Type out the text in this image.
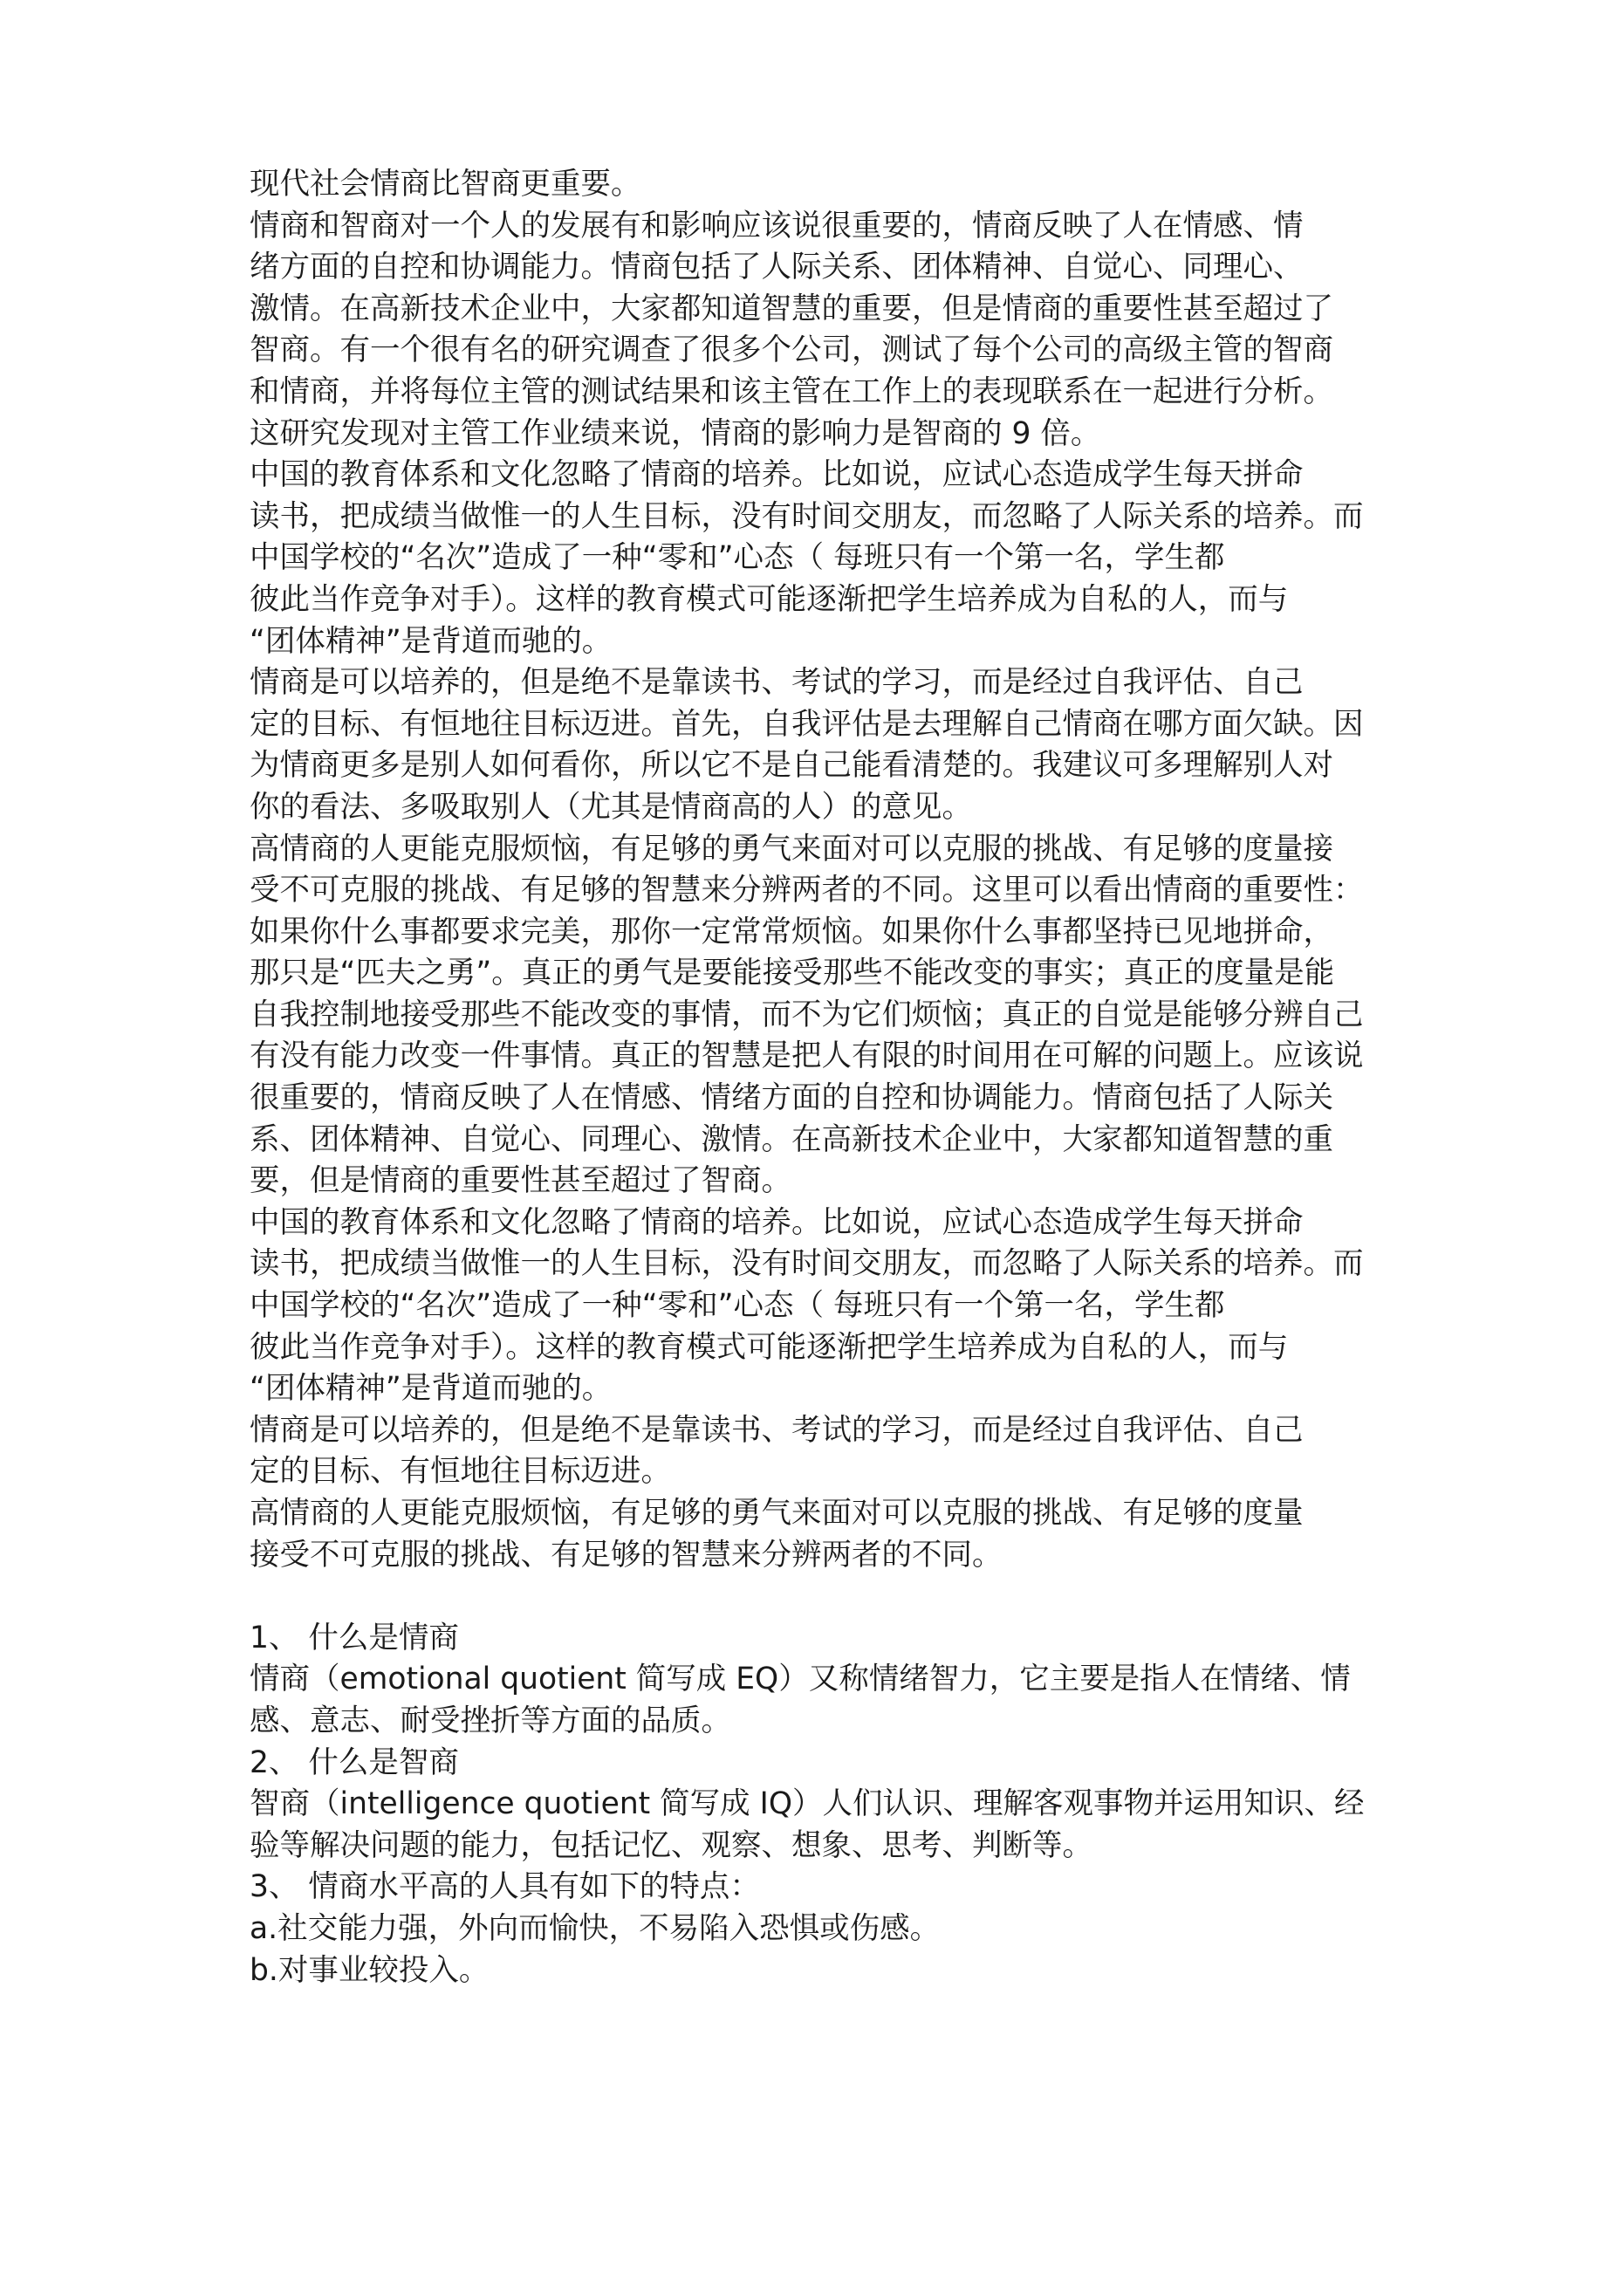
现代社会情商比智商更重要。
情商和智商对一个人的发展有和影响应该说很重要的，情商反映了人在情感、情
绪方面的自控和协调能力。情商包括了人际关系、团体精神、自觉心、同理心、
激情。在高新技术企业中，大家都知道智慧的重要，但是情商的重要性甚至超过了
智商。有一个很有名的研究调查了很多个公司，测试了每个公司的高级主管的智商
和情商，并将每位主管的测试结果和该主管在工作上的表现联系在一起进行分析。
这研究发现对主管工作业绩来说，情商的影响力是智商的 9 倍。
中国的教育体系和文化忽略了情商的培养。比如说，应试心态造成学生每天拼命
读书，把成绩当做惟一的人生目标，没有时间交朋友，而忽略了人际关系的培养。而
中国学校的“名次”造成了一种“零和”心态（ 每班只有一个第一名，学生都
彼此当作竞争对手）。这样的教育模式可能逐渐把学生培养成为自私的人，而与
“团体精神”是背道而驰的。
情商是可以培养的，但是绝不是靠读书、考试的学习，而是经过自我评估、自己
定的目标、有恒地往目标迈进。首先，自我评估是去理解自己情商在哪方面欠缺。因
为情商更多是别人如何看你，所以它不是自己能看清楚的。我建议可多理解别人对
你的看法、多吸取别人（尤其是情商高的人）的意见。
高情商的人更能克服烦恼，有足够的勇气来面对可以克服的挑战、有足够的度量接
受不可克服的挑战、有足够的智慧来分辨两者的不同。这里可以看出情商的重要性：
如果你什么事都要求完美，那你一定常常烦恼。如果你什么事都坚持已见地拼命，
那只是“匹夫之勇”。真正的勇气是要能接受那些不能改变的事实；真正的度量是能
自我控制地接受那些不能改变的事情，而不为它们烦恼；真正的自觉是能够分辨自己
有没有能力改变一件事情。真正的智慧是把人有限的时间用在可解的问题上。应该说
很重要的，情商反映了人在情感、情绪方面的自控和协调能力。情商包括了人际关
系、团体精神、自觉心、同理心、激情。在高新技术企业中，大家都知道智慧的重
要，但是情商的重要性甚至超过了智商。
中国的教育体系和文化忽略了情商的培养。比如说，应试心态造成学生每天拼命
读书，把成绩当做惟一的人生目标，没有时间交朋友，而忽略了人际关系的培养。而
中国学校的“名次”造成了一种“零和”心态（ 每班只有一个第一名，学生都
彼此当作竞争对手）。这样的教育模式可能逐渐把学生培养成为自私的人，而与
“团体精神”是背道而驰的。
情商是可以培养的，但是绝不是靠读书、考试的学习，而是经过自我评估、自己
定的目标、有恒地往目标迈进。
高情商的人更能克服烦恼，有足够的勇气来面对可以克服的挑战、有足够的度量
接受不可克服的挑战、有足够的智慧来分辨两者的不同。
1、 什么是情商
情商（emotional quotient 简写成 EQ）又称情绪智力，它主要是指人在情绪、情
感、意志、耐受挫折等方面的品质。
2、 什么是智商
智商（intelligence quotient 简写成 IQ）人们认识、理解客观事物并运用知识、经
验等解决问题的能力，包括记忆、观察、想象、思考、判断等。
3、 情商水平高的人具有如下的特点：
a.社交能力强，外向而愉快，不易陷入恐惧或伤感。
b.对事业较投入。
